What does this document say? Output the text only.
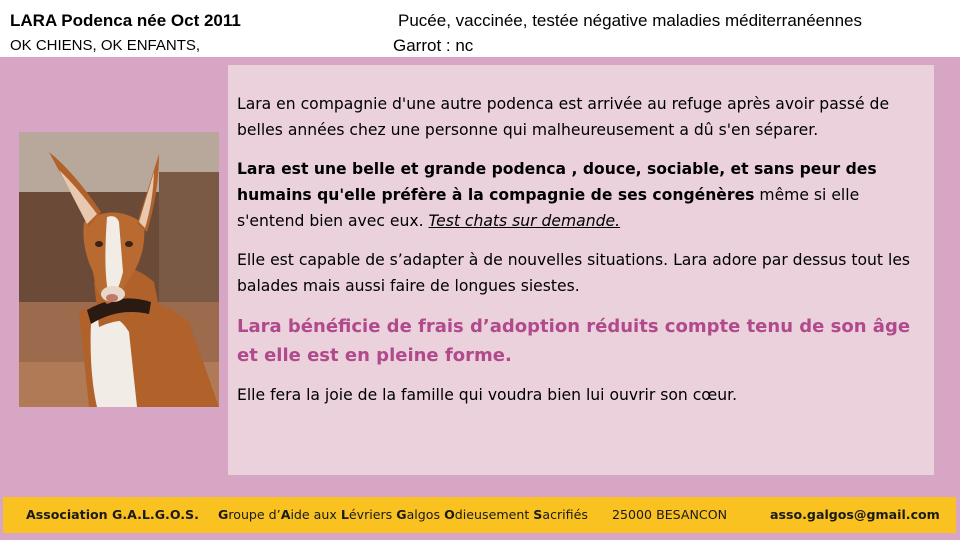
LARA Podenca née Oct 2011
OK CHIENS, OK ENFANTS,
Pucée, vaccinée, testée négative maladies méditerranéennes
Garrot : nc

Lara en compagnie d'une autre podenca est arrivée au refuge après avoir passé de belles années chez une personne qui malheureusement a dû s'en séparer.

Lara est une belle et grande podenca , douce, sociable, et sans peur des humains qu'elle préfère à la compagnie de ses congénères même si elle s'entend bien avec eux. Test chats sur demande.

Elle est capable de s’adapter à de nouvelles situations. Lara adore par dessus tout les balades mais aussi faire de longues siestes.

Lara bénéficie de frais d’adoption réduits compte tenu de son âge et elle est en pleine forme.

Elle fera la joie de la famille qui voudra bien lui ouvrir son cœur.

Association G.A.L.G.O.S. Groupe d’Aide aux Lévriers Galgos Odieusement Sacrifiés 25000 BESANCON	asso.galgos@gmail.com
